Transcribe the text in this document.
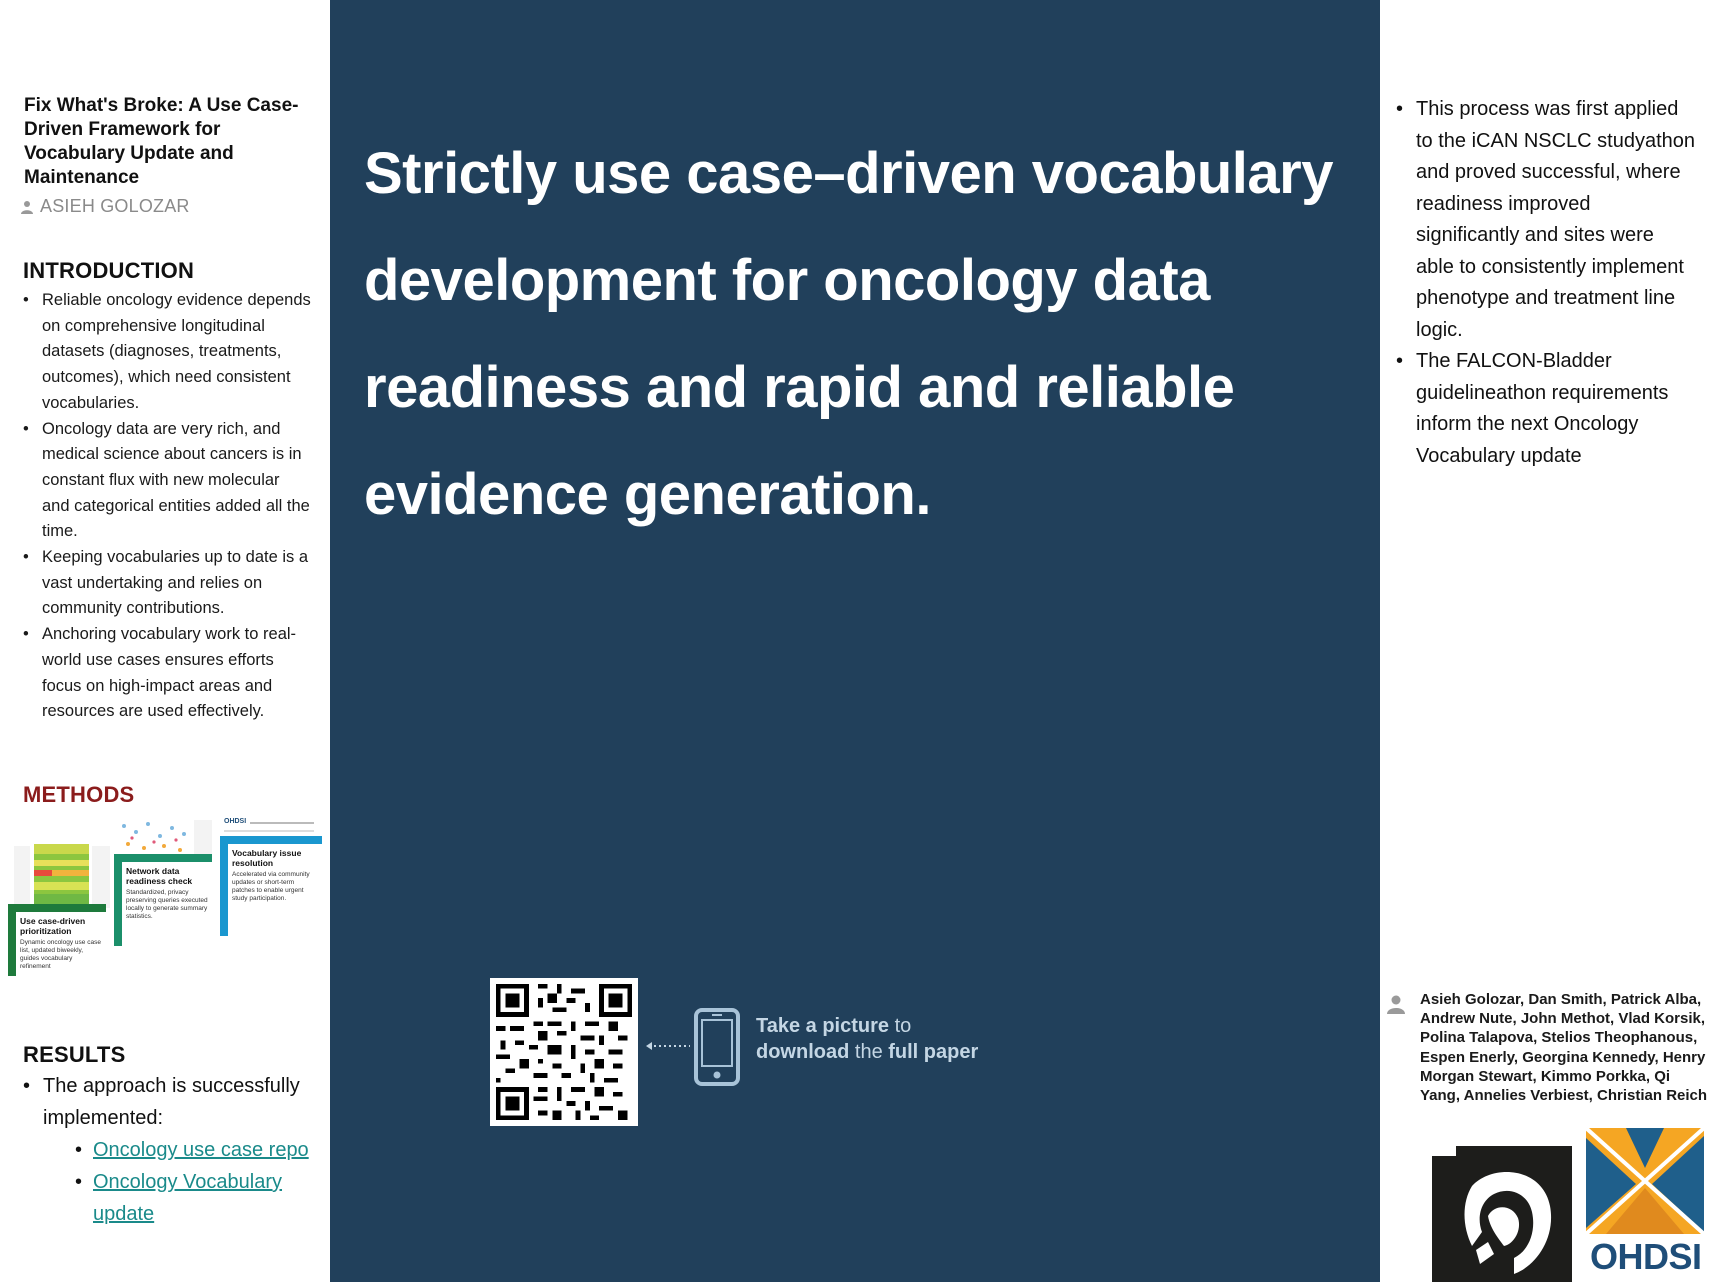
Fix What's Broke: A Use Case-Driven Framework for Vocabulary Update and Maintenance
ASIEH GOLOZAR
INTRODUCTION
• Reliable oncology evidence depends on comprehensive longitudinal datasets (diagnoses, treatments, outcomes), which need consistent vocabularies.
• Oncology data are very rich, and medical science about cancers is in constant flux with new molecular and categorical entities added all the time.
• Keeping vocabularies up to date is a vast undertaking and relies on community contributions.
• Anchoring vocabulary work to real-world use cases ensures efforts focus on high-impact areas and resources are used effectively.
METHODS
Use case-driven prioritization
Dynamic oncology use case list, updated biweekly, guides vocabulary refinement
Network data readiness check
Standardized, privacy preserving queries executed locally to generate summary statistics.
OHDSI
Vocabulary issue resolution
Accelerated via community updates or short-term patches to enable urgent study participation.
RESULTS
• The approach is successfully implemented:
• Oncology use case repo
• Oncology Vocabulary update
Strictly use case–driven vocabulary development for oncology data readiness and rapid and reliable evidence generation.
Take a picture to
download the full paper
• This process was first applied to the iCAN NSCLC studyathon and proved successful, where readiness improved significantly and sites were able to consistently implement phenotype and treatment line logic.
• The FALCON-Bladder guidelineathon requirements inform the next Oncology Vocabulary update
Asieh Golozar, Dan Smith, Patrick Alba, Andrew Nute, John Methot, Vlad Korsik, Polina Talapova, Stelios Theophanous, Espen Enerly, Georgina Kennedy, Henry Morgan Stewart, Kimmo Porkka, Qi Yang, Annelies Verbiest, Christian Reich
OHDSI
